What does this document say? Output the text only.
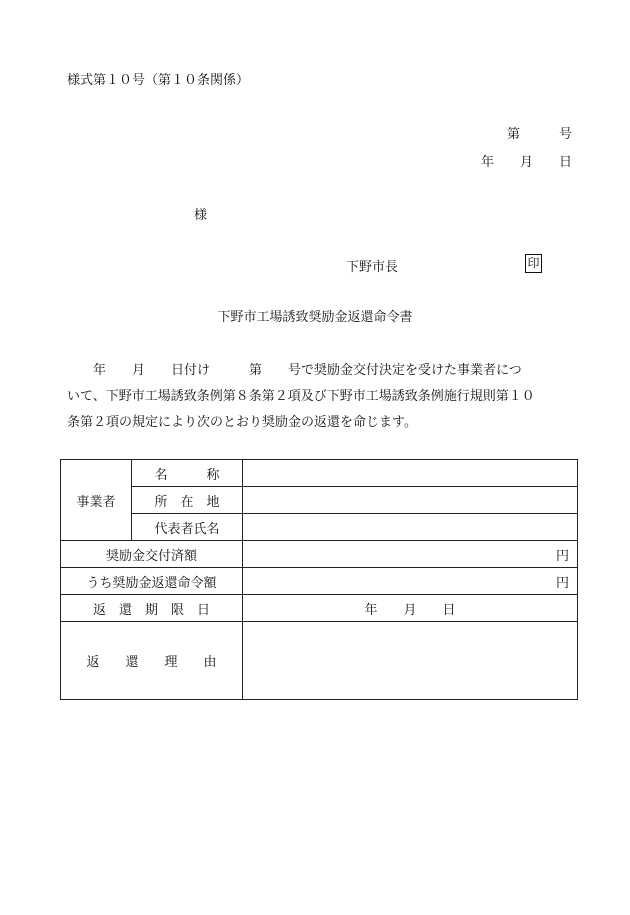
様式第１０号（第１０条関係）
第　　　号
年　　月　　日
様
下野市長	印
下野市工場誘致奨励金返還命令書
　　年　　月　　日付け　　　第　　号で奨励金交付決定を受けた事業者につ
いて、下野市工場誘致条例第８条第２項及び下野市工場誘致条例施行規則第１０
条第２項の規定により次のとおり奨励金の返還を命じます。
事業者	名　　　称	
	所　在　地	
	代表者氏名	
奨励金交付済額		円
うち奨励金返還命令額		円
返　還　期　限　日		年　　月　　日
返　　還　　理　　由		
